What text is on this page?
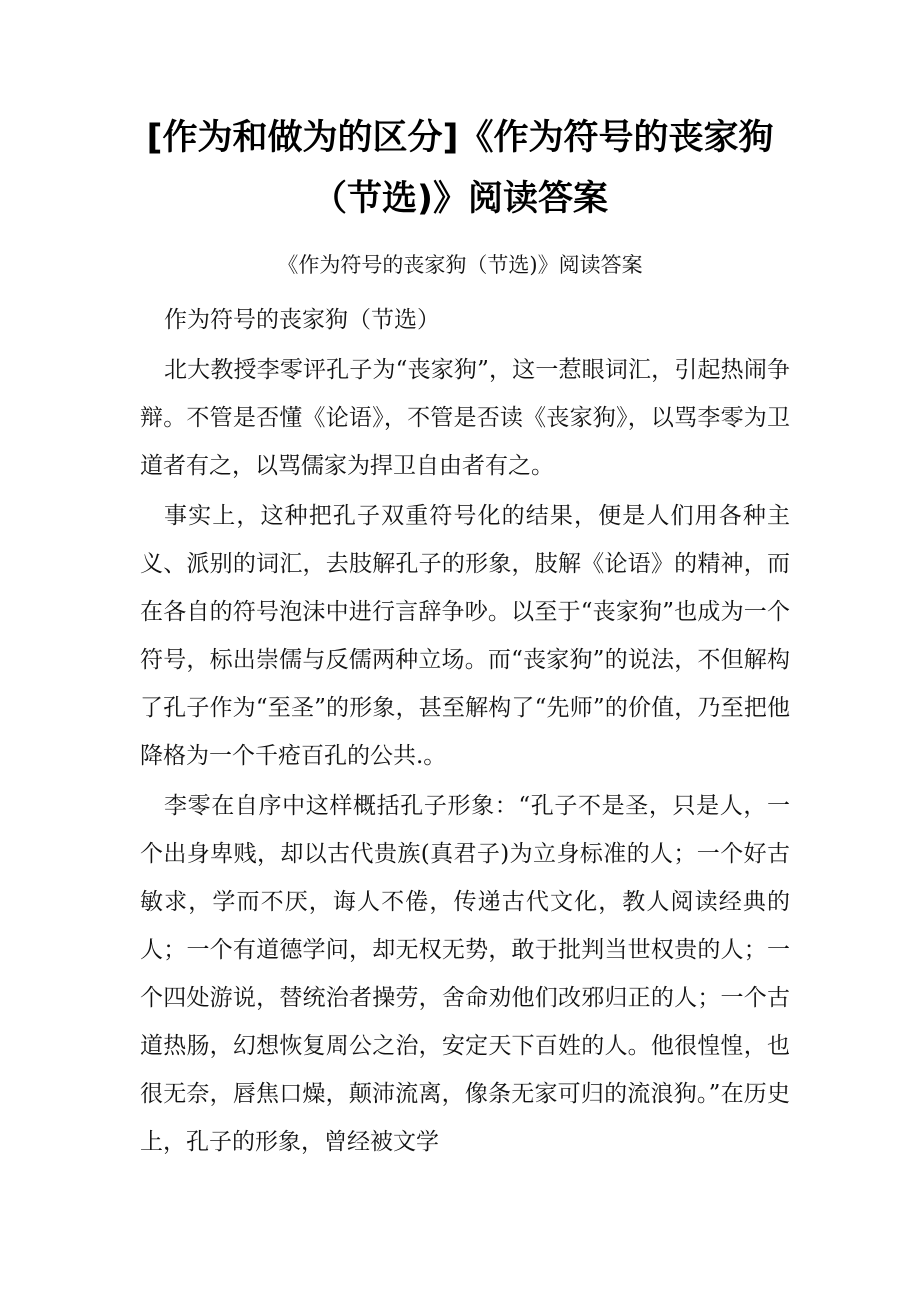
[作为和做为的区分]《作为符号的丧家狗
（节选)》阅读答案

《作为符号的丧家狗（节选)》阅读答案

作为符号的丧家狗（节选）

北大教授李零评孔子为“丧家狗”，这一惹眼词汇，引起热闹争辩。不管是否懂《论语》，不管是否读《丧家狗》，以骂李零为卫道者有之，以骂儒家为捍卫自由者有之。

事实上，这种把孔子双重符号化的结果，便是人们用各种主义、派别的词汇，去肢解孔子的形象，肢解《论语》的精神，而在各自的符号泡沫中进行言辞争吵。以至于“丧家狗”也成为一个符号，标出崇儒与反儒两种立场。而“丧家狗”的说法，不但解构了孔子作为“至圣”的形象，甚至解构了“先师”的价值，乃至把他降格为一个千疮百孔的公共.。

李零在自序中这样概括孔子形象：“孔子不是圣，只是人，一个出身卑贱，却以古代贵族(真君子)为立身标准的人；一个好古敏求，学而不厌，诲人不倦，传递古代文化，教人阅读经典的人；一个有道德学问，却无权无势，敢于批判当世权贵的人；一个四处游说，替统治者操劳，舍命劝他们改邪归正的人；一个古道热肠，幻想恢复周公之治，安定天下百姓的人。他很惶惶，也很无奈，唇焦口燥，颠沛流离，像条无家可归的流浪狗。”在历史上，孔子的形象，曾经被文学
